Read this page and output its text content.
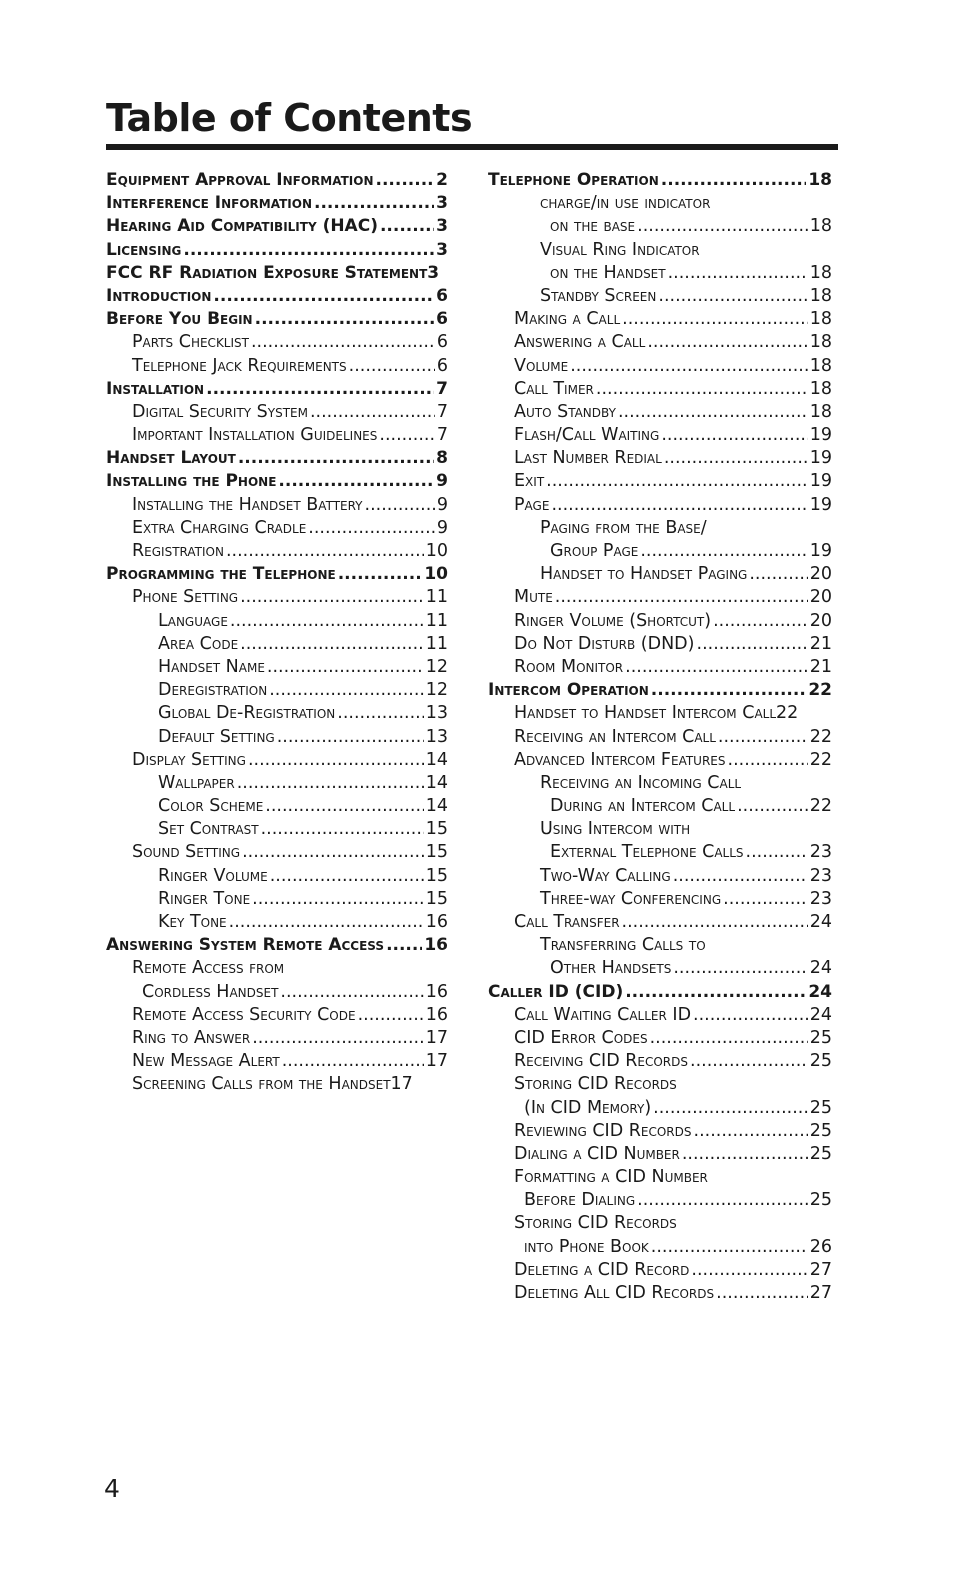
Table of Contents
Equipment Approval Information .....	2
Interference Information .....	3
Hearing Aid Compatibility (HAC) .....	3
Licensing .....	3
FCC RF Radiation Exposure Statement 3
Introduction .....	6
Before You Begin .....	6
Parts Checklist .....	6
Telephone Jack Requirements .....	6
Installation .....	7
Digital Security System .....	7
Important Installation Guidelines .....	7
Handset Layout .....	8
Installing the Phone .....	9
Installing the Handset Battery .....	9
Extra Charging Cradle .....	9
Registration .....	10
Programming the Telephone .....	10
Phone Setting .....	11
Language .....	11
Area Code .....	11
Handset Name .....	12
Deregistration .....	12
Global De-Registration .....	13
Default Setting .....	13
Display Setting .....	14
Wallpaper .....	14
Color Scheme .....	14
Set Contrast .....	15
Sound Setting .....	15
Ringer Volume .....	15
Ringer Tone .....	15
Key Tone .....	16
Answering System Remote Access ..... 16
Remote Access from
Cordless Handset .....	16
Remote Access Security Code .....	16
Ring to Answer .....	17
New Message Alert .....	17
Screening Calls from the Handset 17
Telephone Operation .....	18
charge/in use indicator
on the base .....	18
Visual Ring Indicator
on the Handset .....	18
Standby Screen .....	18
Making a Call .....	18
Answering a Call .....	18
Volume .....	18
Call Timer .....	18
Auto Standby .....	18
Flash/Call Waiting .....	19
Last Number Redial .....	19
Exit .....	19
Page .....	19
Paging from the Base/
Group Page .....	19
Handset to Handset Paging .....	20
Mute .....	20
Ringer Volume (Shortcut) .....	20
Do Not Disturb (DND) .....	21
Room Monitor .....	21
Intercom Operation .....	22
Handset to Handset Intercom Call 22
Receiving an Intercom Call .....	22
Advanced Intercom Features .....	22
Receiving an Incoming Call
During an Intercom Call .....	22
Using Intercom with
External Telephone Calls .....	23
Two-Way Calling .....	23
Three-way Conferencing .....	23
Call Transfer .....	24
Transferring Calls to
Other Handsets .....	24
Caller ID (CID) .....	24
Call Waiting Caller ID .....	24
CID Error Codes .....	25
Receiving CID Records .....	25
Storing CID Records
(In CID Memory) .....	25
Reviewing CID Records .....	25
Dialing a CID Number .....	25
Formatting a CID Number
Before Dialing .....	25
Storing CID Records
into Phone Book .....	26
Deleting a CID Record .....	27
Deleting All CID Records .....	27
4
